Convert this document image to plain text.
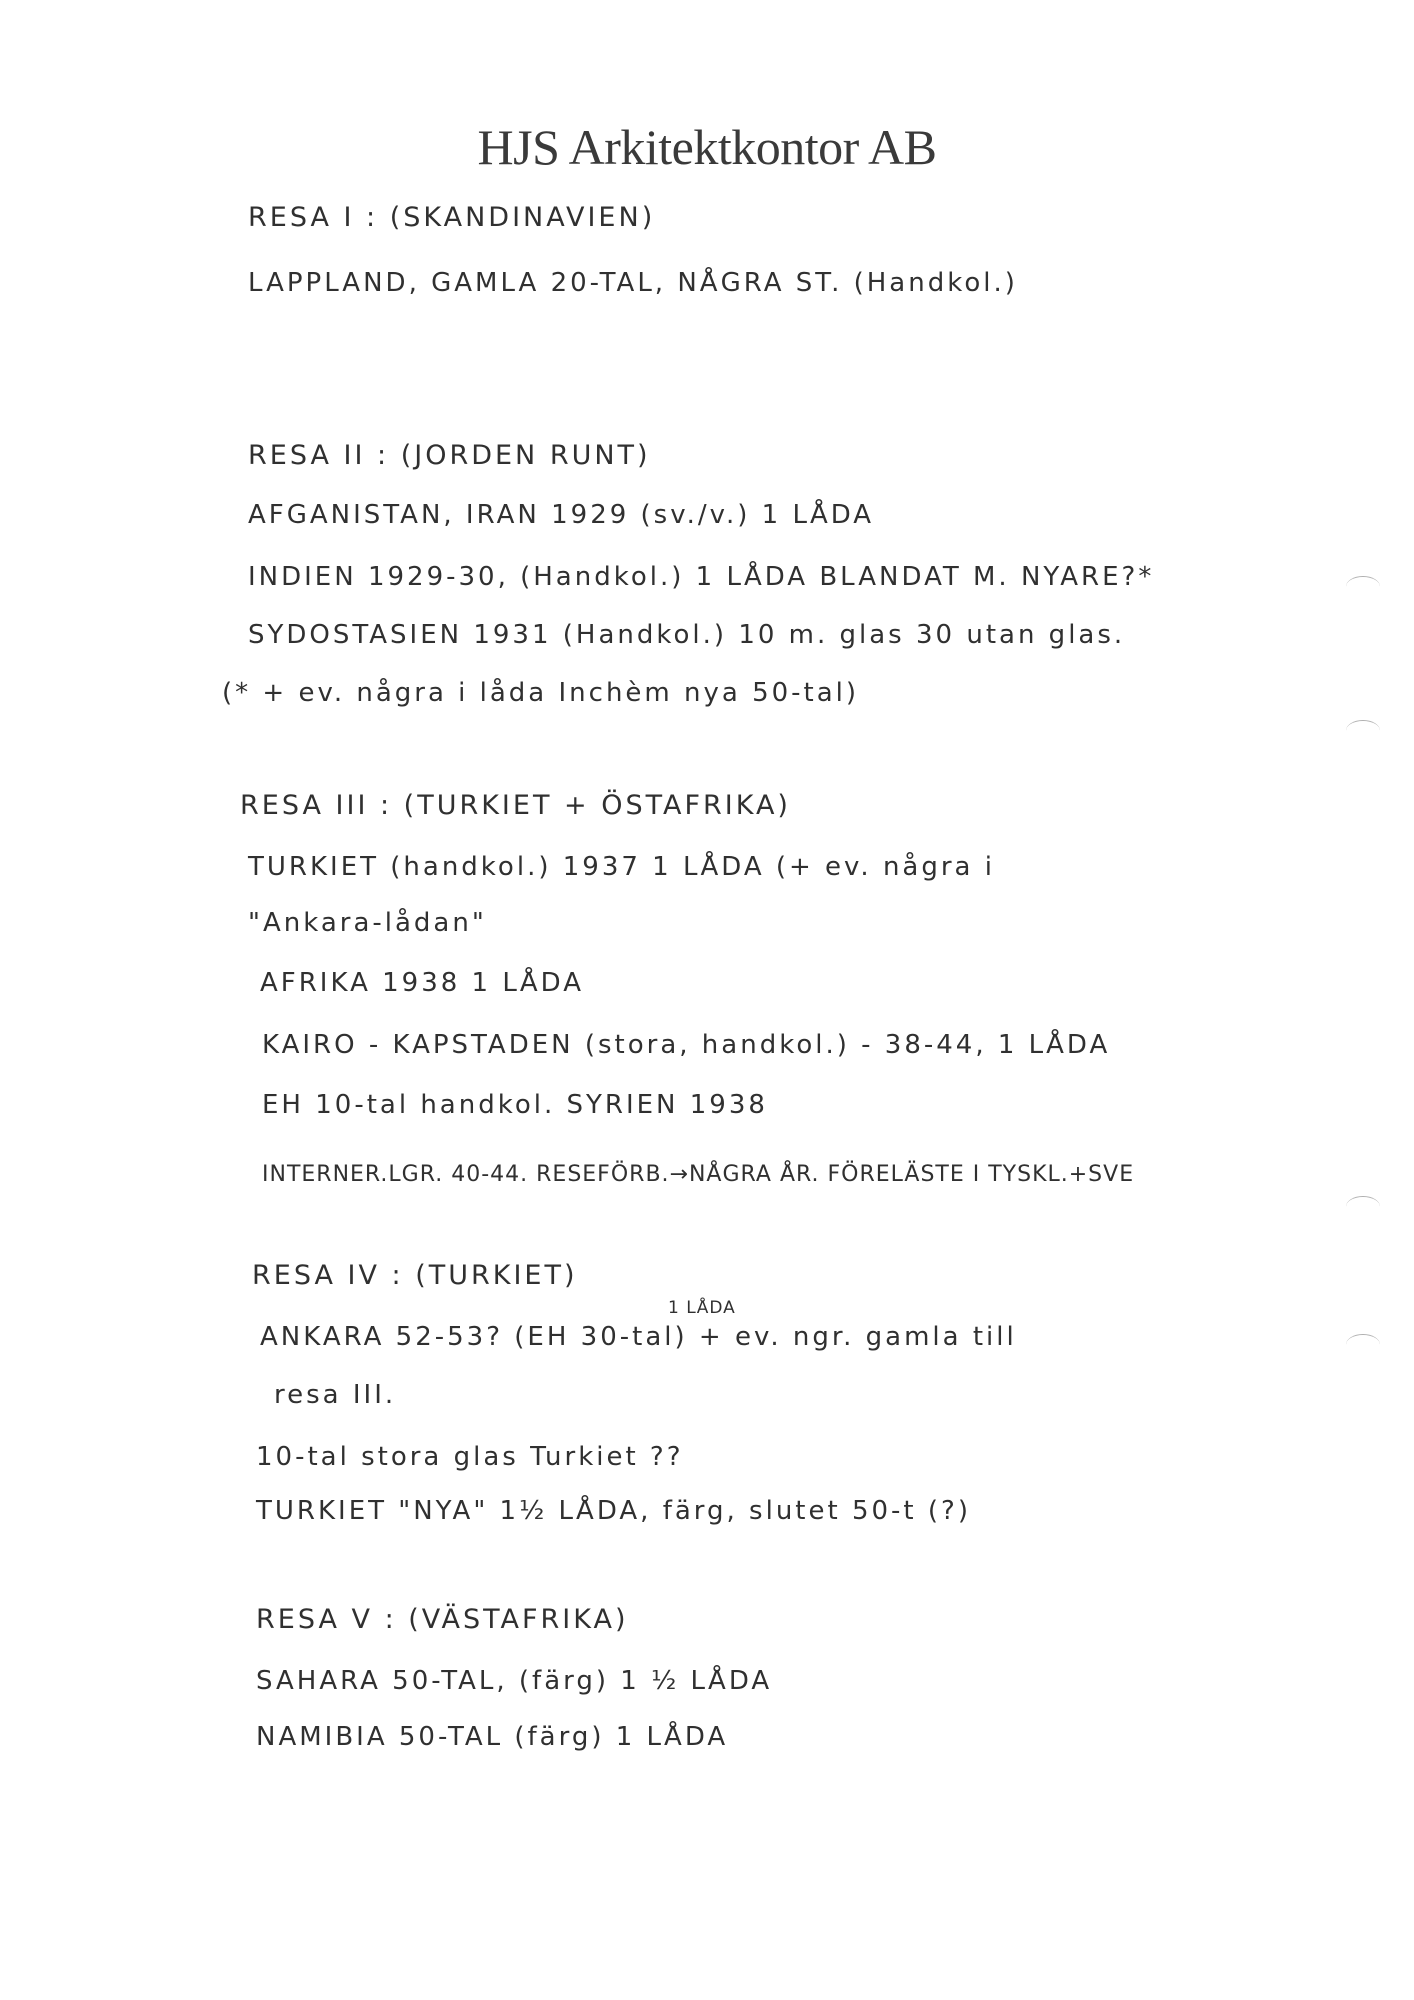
HJS Arkitektkontor AB
RESA I : (SKANDINAVIEN)
LAPPLAND, GAMLA 20-TAL, NÅGRA ST. (Handkol.)
RESA II : (JORDEN RUNT)
AFGANISTAN, IRAN 1929 (sv./v.) 1 LÅDA
INDIEN 1929-30, (Handkol.) 1 LÅDA BLANDAT M. NYARE?*
SYDOSTASIEN 1931 (Handkol.) 10 m. glas 30 utan glas.
(* + ev. några i låda Inchèm nya 50-tal)
RESA III : (TURKIET + ÖSTAFRIKA)
TURKIET (handkol.) 1937 1 LÅDA (+ ev. några i
"Ankara-lådan"
AFRIKA 1938 1 LÅDA
KAIRO - KAPSTADEN (stora, handkol.) - 38-44, 1 LÅDA
EH 10-tal handkol. SYRIEN 1938
INTERNER.LGR. 40-44. RESEFÖRB.→NÅGRA ÅR. FÖRELÄSTE I TYSKL.+SVE
RESA IV : (TURKIET)
1 LÅDA
ANKARA 52-53? (EH 30-tal) + ev. ngr. gamla till
resa III.
10-tal stora glas Turkiet ??
TURKIET "NYA" 1½ LÅDA, färg, slutet 50-t (?)
RESA V : (VÄSTAFRIKA)
SAHARA 50-TAL, (färg) 1 ½ LÅDA
NAMIBIA 50-TAL (färg) 1 LÅDA
